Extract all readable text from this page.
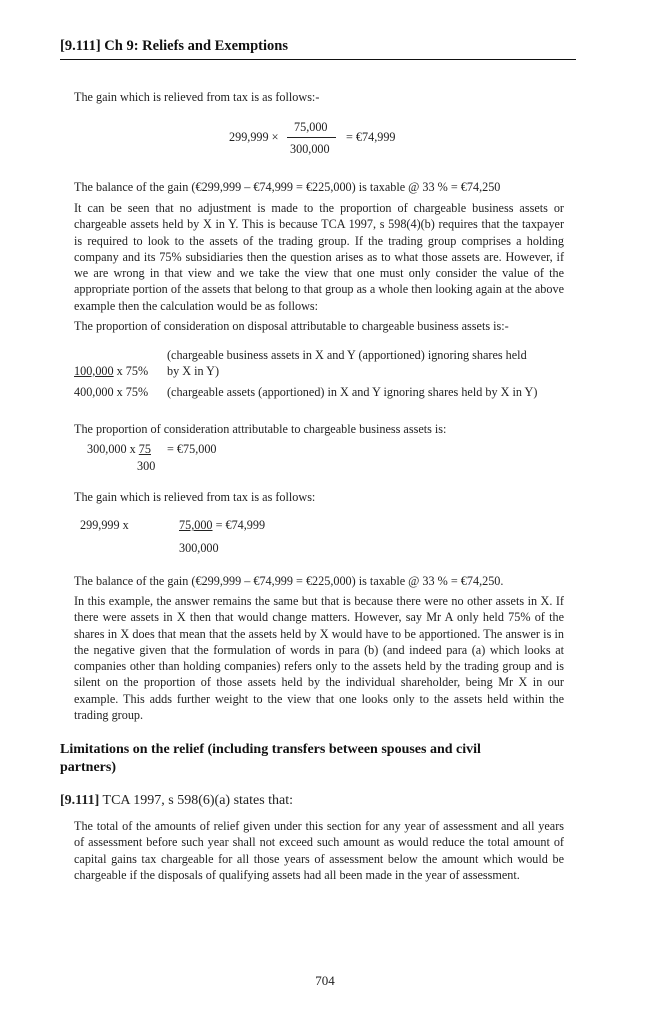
[9.111] Ch 9: Reliefs and Exemptions
The gain which is relieved from tax is as follows:-
75,000
299,999 ×	= €74,999
300,000
The balance of the gain (€299,999 – €74,999 = €225,000) is taxable @ 33 % = €74,250
It can be seen that no adjustment is made to the proportion of chargeable business assets or chargeable assets held by X in Y. This is because TCA 1997, s 598(4)(b) requires that the taxpayer is required to look to the assets of the trading group. If the trading group comprises a holding company and its 75% subsidiaries then the question arises as to what those assets are. However, if we are wrong in that view and we take the view that one must only consider the value of the appropriate portion of the assets that belong to that group as a whole then looking again at the above example then the calculation would be as follows:
The proportion of consideration on disposal attributable to chargeable business assets is:-
(chargeable business assets in X and Y (apportioned) ignoring shares held by X in Y)
100,000 x 75%
400,000 x 75% (chargeable assets (apportioned) in X and Y ignoring shares held by X in Y)
The proportion of consideration attributable to chargeable business assets is:
300,000 x 75 = €75,000
300
The gain which is relieved from tax is as follows:
299,999 x	75,000 = €74,999
300,000
The balance of the gain (€299,999 – €74,999 = €225,000) is taxable @ 33 % = €74,250.
In this example, the answer remains the same but that is because there were no other assets in X. If there were assets in X then that would change matters. However, say Mr A only held 75% of the shares in X does that mean that the assets held by X would have to be apportioned. The answer is in the negative given that the formulation of words in para (b) (and indeed para (a) which looks at companies other than holding companies) refers only to the assets held by the trading group and is silent on the proportion of those assets held by the individual shareholder, being Mr X in our example. This adds further weight to the view that one looks only to the assets held within the trading group.
Limitations on the relief (including transfers between spouses and civil partners)
[9.111] TCA 1997, s 598(6)(a) states that:
The total of the amounts of relief given under this section for any year of assessment and all years of assessment before such year shall not exceed such amount as would reduce the total amount of capital gains tax chargeable for all those years of assessment below the amount which would be chargeable if the disposals of qualifying assets had all been made in the year of assessment.
704
